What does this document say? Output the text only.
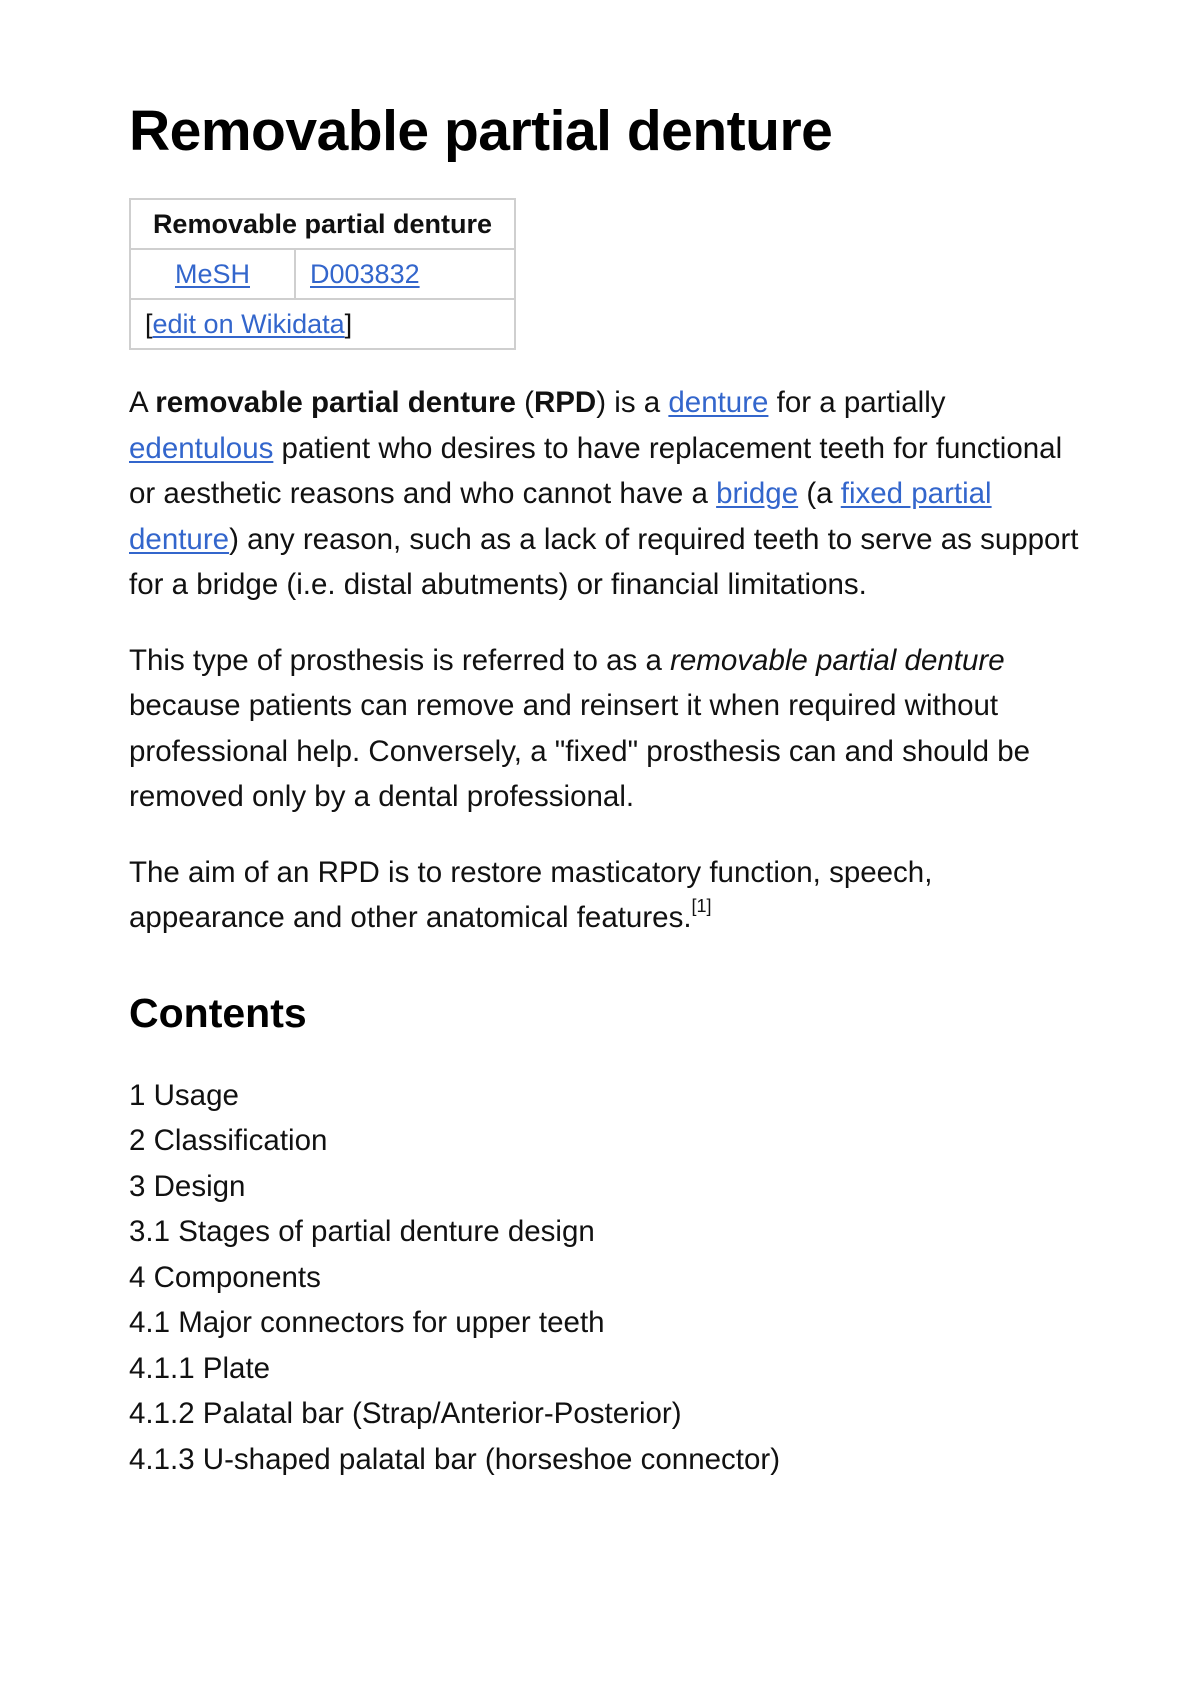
Removable partial denture
Removable partial denture
MeSH	D003832
[edit on Wikidata]

A removable partial denture (RPD) is a denture for a partially edentulous patient who desires to have replacement teeth for functional or aesthetic reasons and who cannot have a bridge (a fixed partial denture) any reason, such as a lack of required teeth to serve as support for a bridge (i.e. distal abutments) or financial limitations.

This type of prosthesis is referred to as a removable partial denture because patients can remove and reinsert it when required without professional help. Conversely, a "fixed" prosthesis can and should be removed only by a dental professional.

The aim of an RPD is to restore masticatory function, speech, appearance and other anatomical features.[1]

Contents
1 Usage
2 Classification
3 Design
3.1 Stages of partial denture design
4 Components
4.1 Major connectors for upper teeth
4.1.1 Plate
4.1.2 Palatal bar (Strap/Anterior-Posterior)
4.1.3 U-shaped palatal bar (horseshoe connector)
